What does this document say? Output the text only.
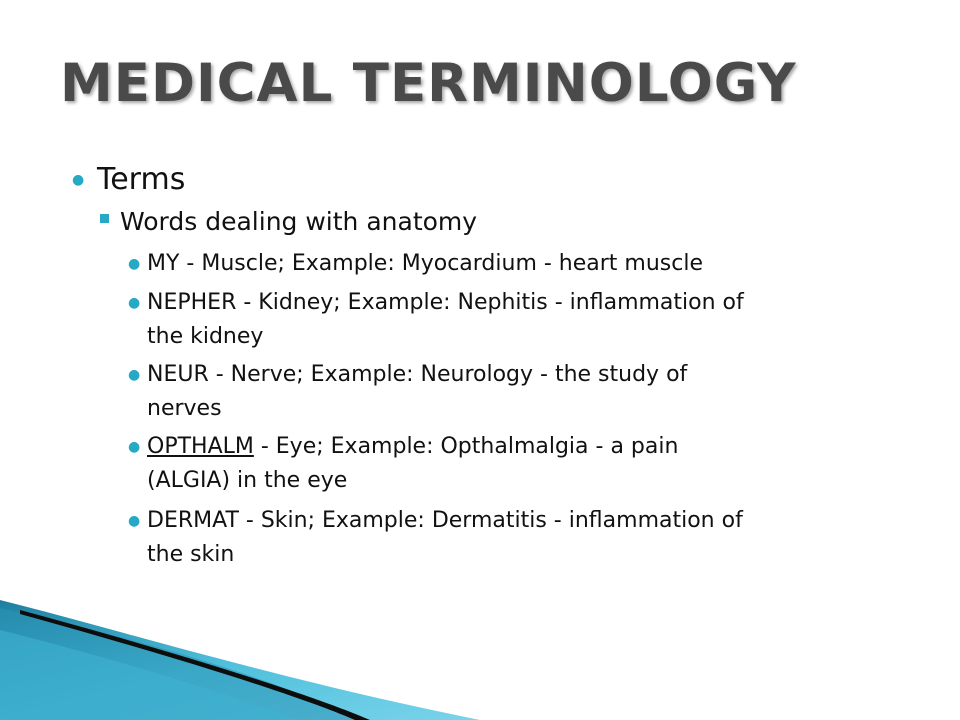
MEDICAL TERMINOLOGY
● Terms
Words dealing with anatomy
● MY - Muscle; Example: Myocardium - heart muscle
● NEPHER - Kidney; Example: Nephitis - inflammation of
the kidney
● NEUR - Nerve; Example: Neurology - the study of
nerves
● OPTHALM - Eye; Example: Opthalmalgia - a pain
(ALGIA) in the eye
● DERMAT - Skin; Example: Dermatitis - inflammation of
the skin
